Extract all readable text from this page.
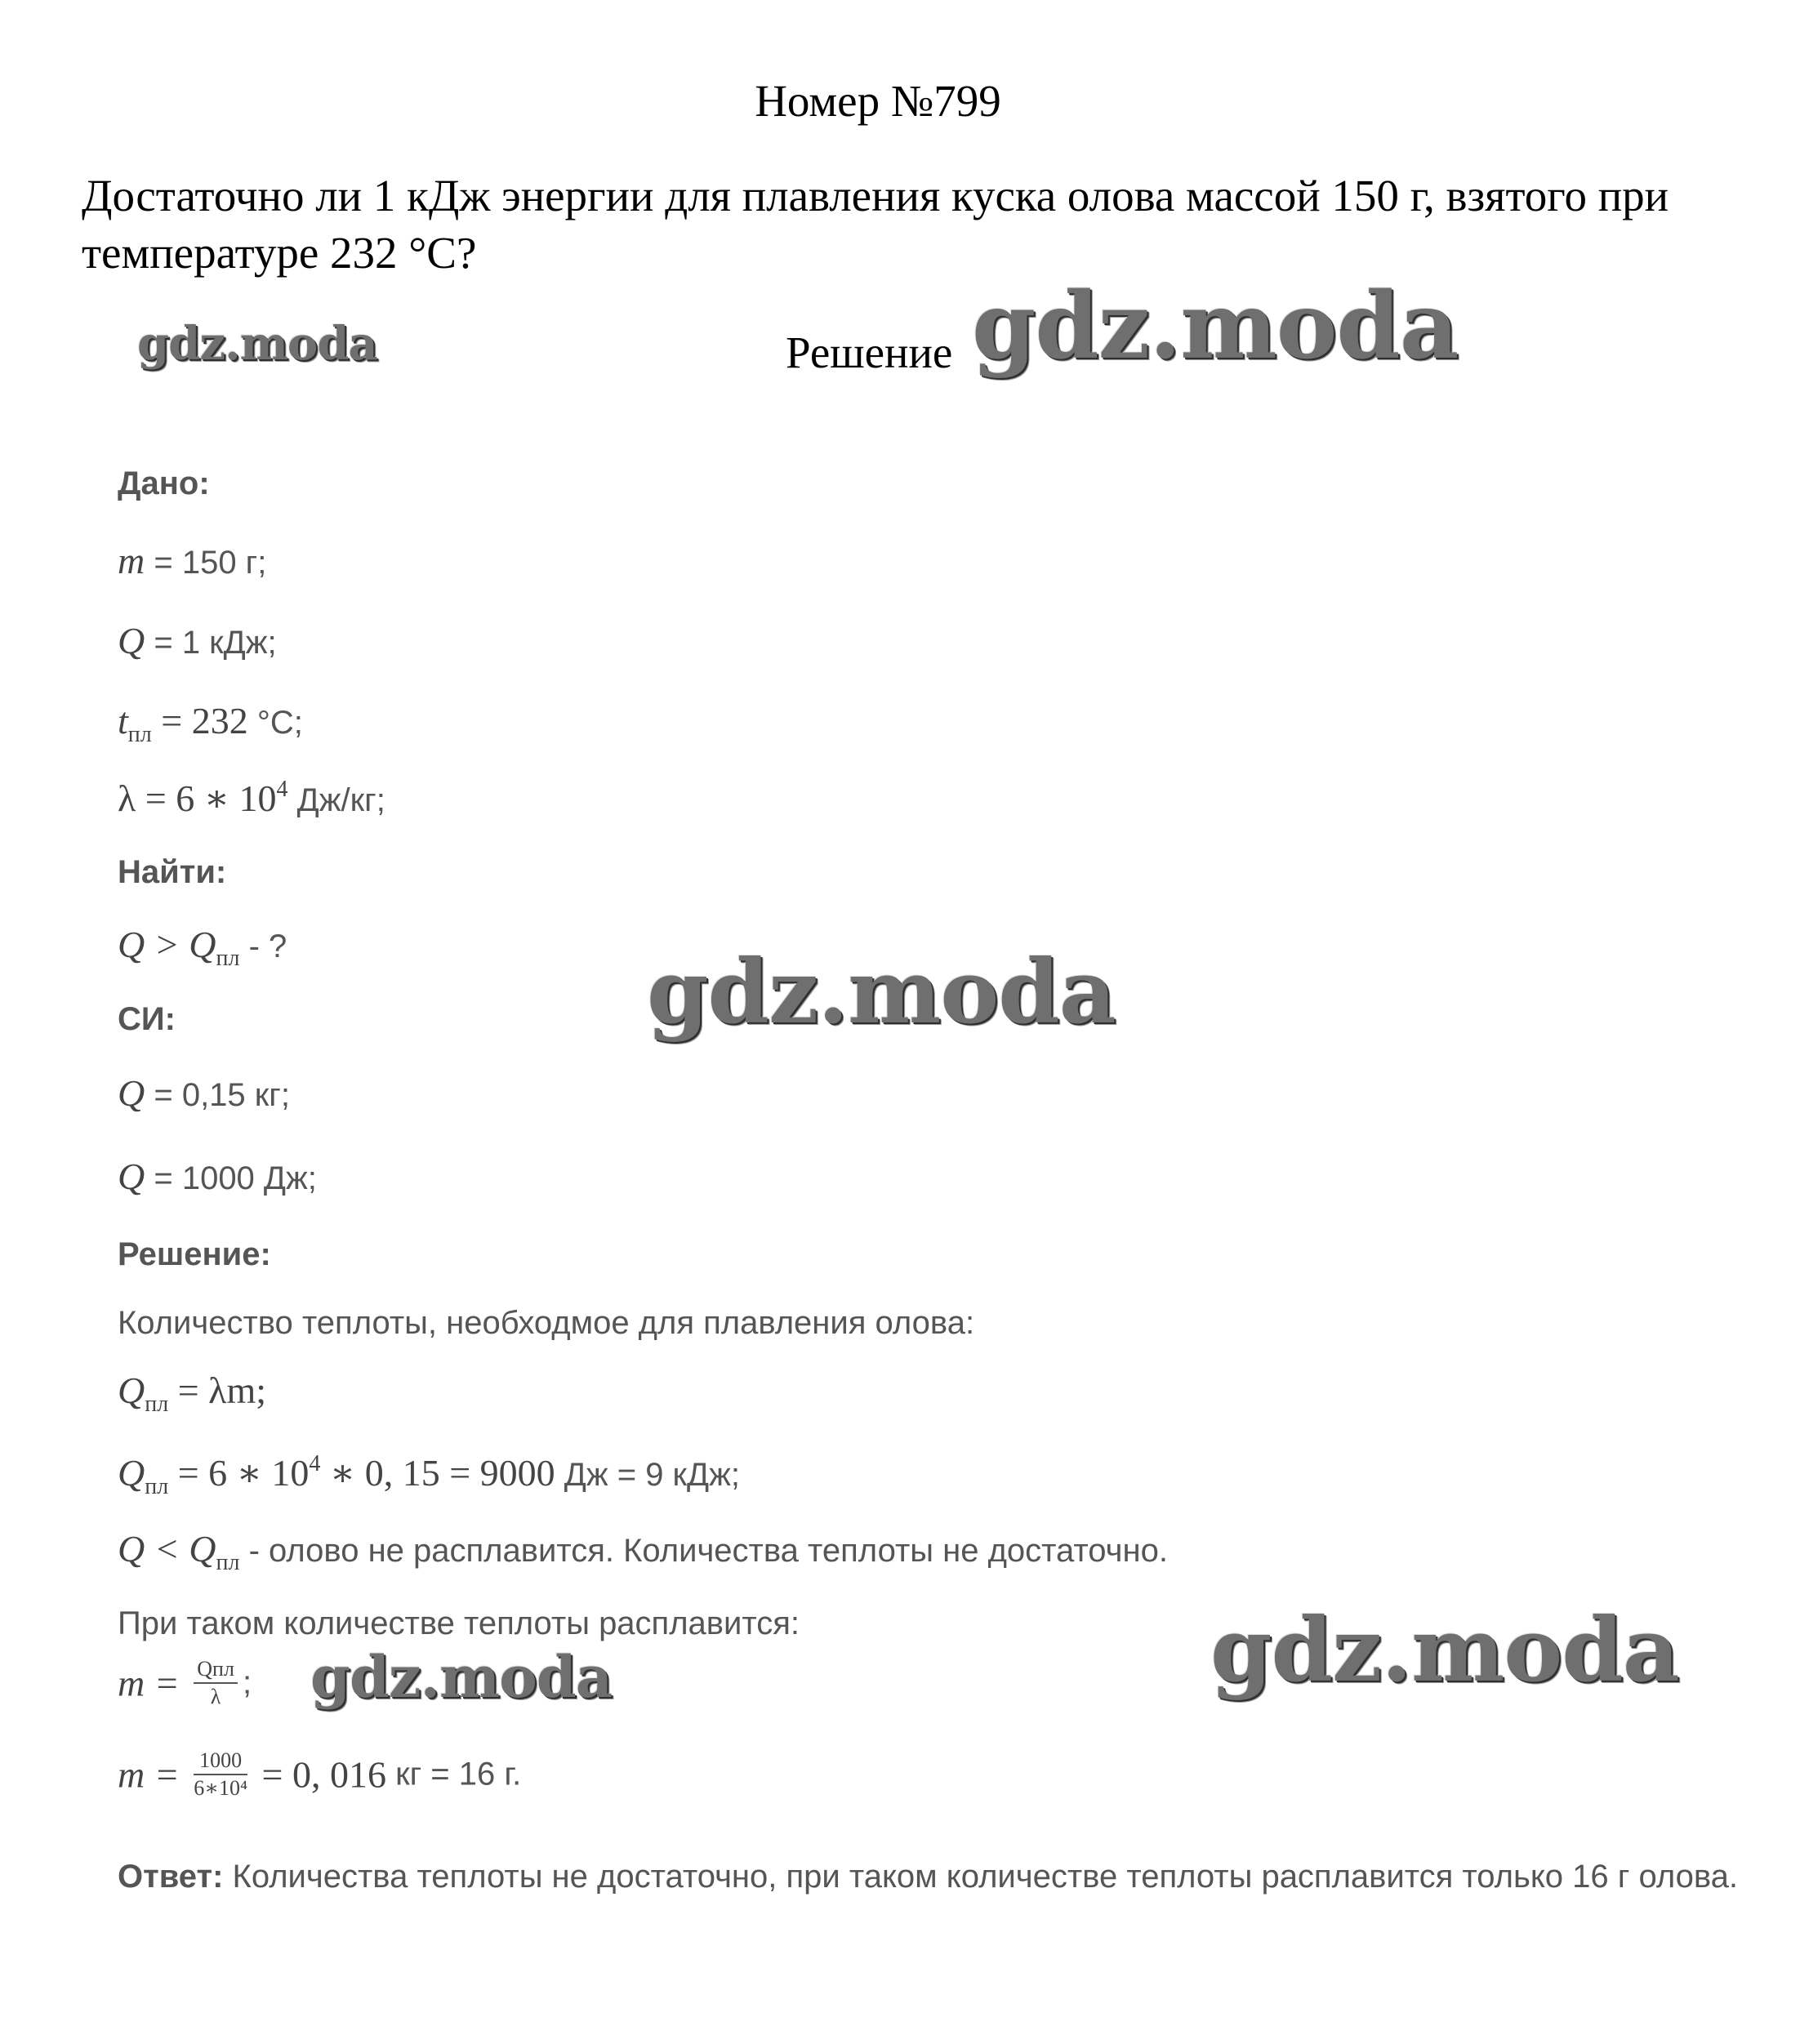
Номер №799
Достаточно ли 1 кДж энергии для плавления куска олова массой 150 г, взятого при температуре 232 °С?
Решение
gdz.moda	gdz.moda
gdz.moda
gdz.moda	gdz.moda
Дано:
m = 150 г;
Q = 1 кДж;
tпл = 232 °С;
λ = 6 ∗ 104 Дж/кг;
Найти:
Q > Qпл - ?
СИ:
Q = 0,15 кг;
Q = 1000 Дж;
Решение:
Количество теплоты, необходмое для плавления олова:
Qпл = λm;
Qпл = 6 ∗ 104 ∗ 0, 15 = 9000 Дж = 9 кДж;
Q < Qпл - олово не расплавится. Количества теплоты не достаточно.
При таком количестве теплоты расплавится:
$m = \frac{\text{Qпл}}{\lambda}$ ;
$m = \frac{1000}{\text{6∗10⁴}} = 0$, 016 кг = 16 г.
Ответ: Количества теплоты не достаточно, при таком количестве теплоты расплавится только 16 г олова.
